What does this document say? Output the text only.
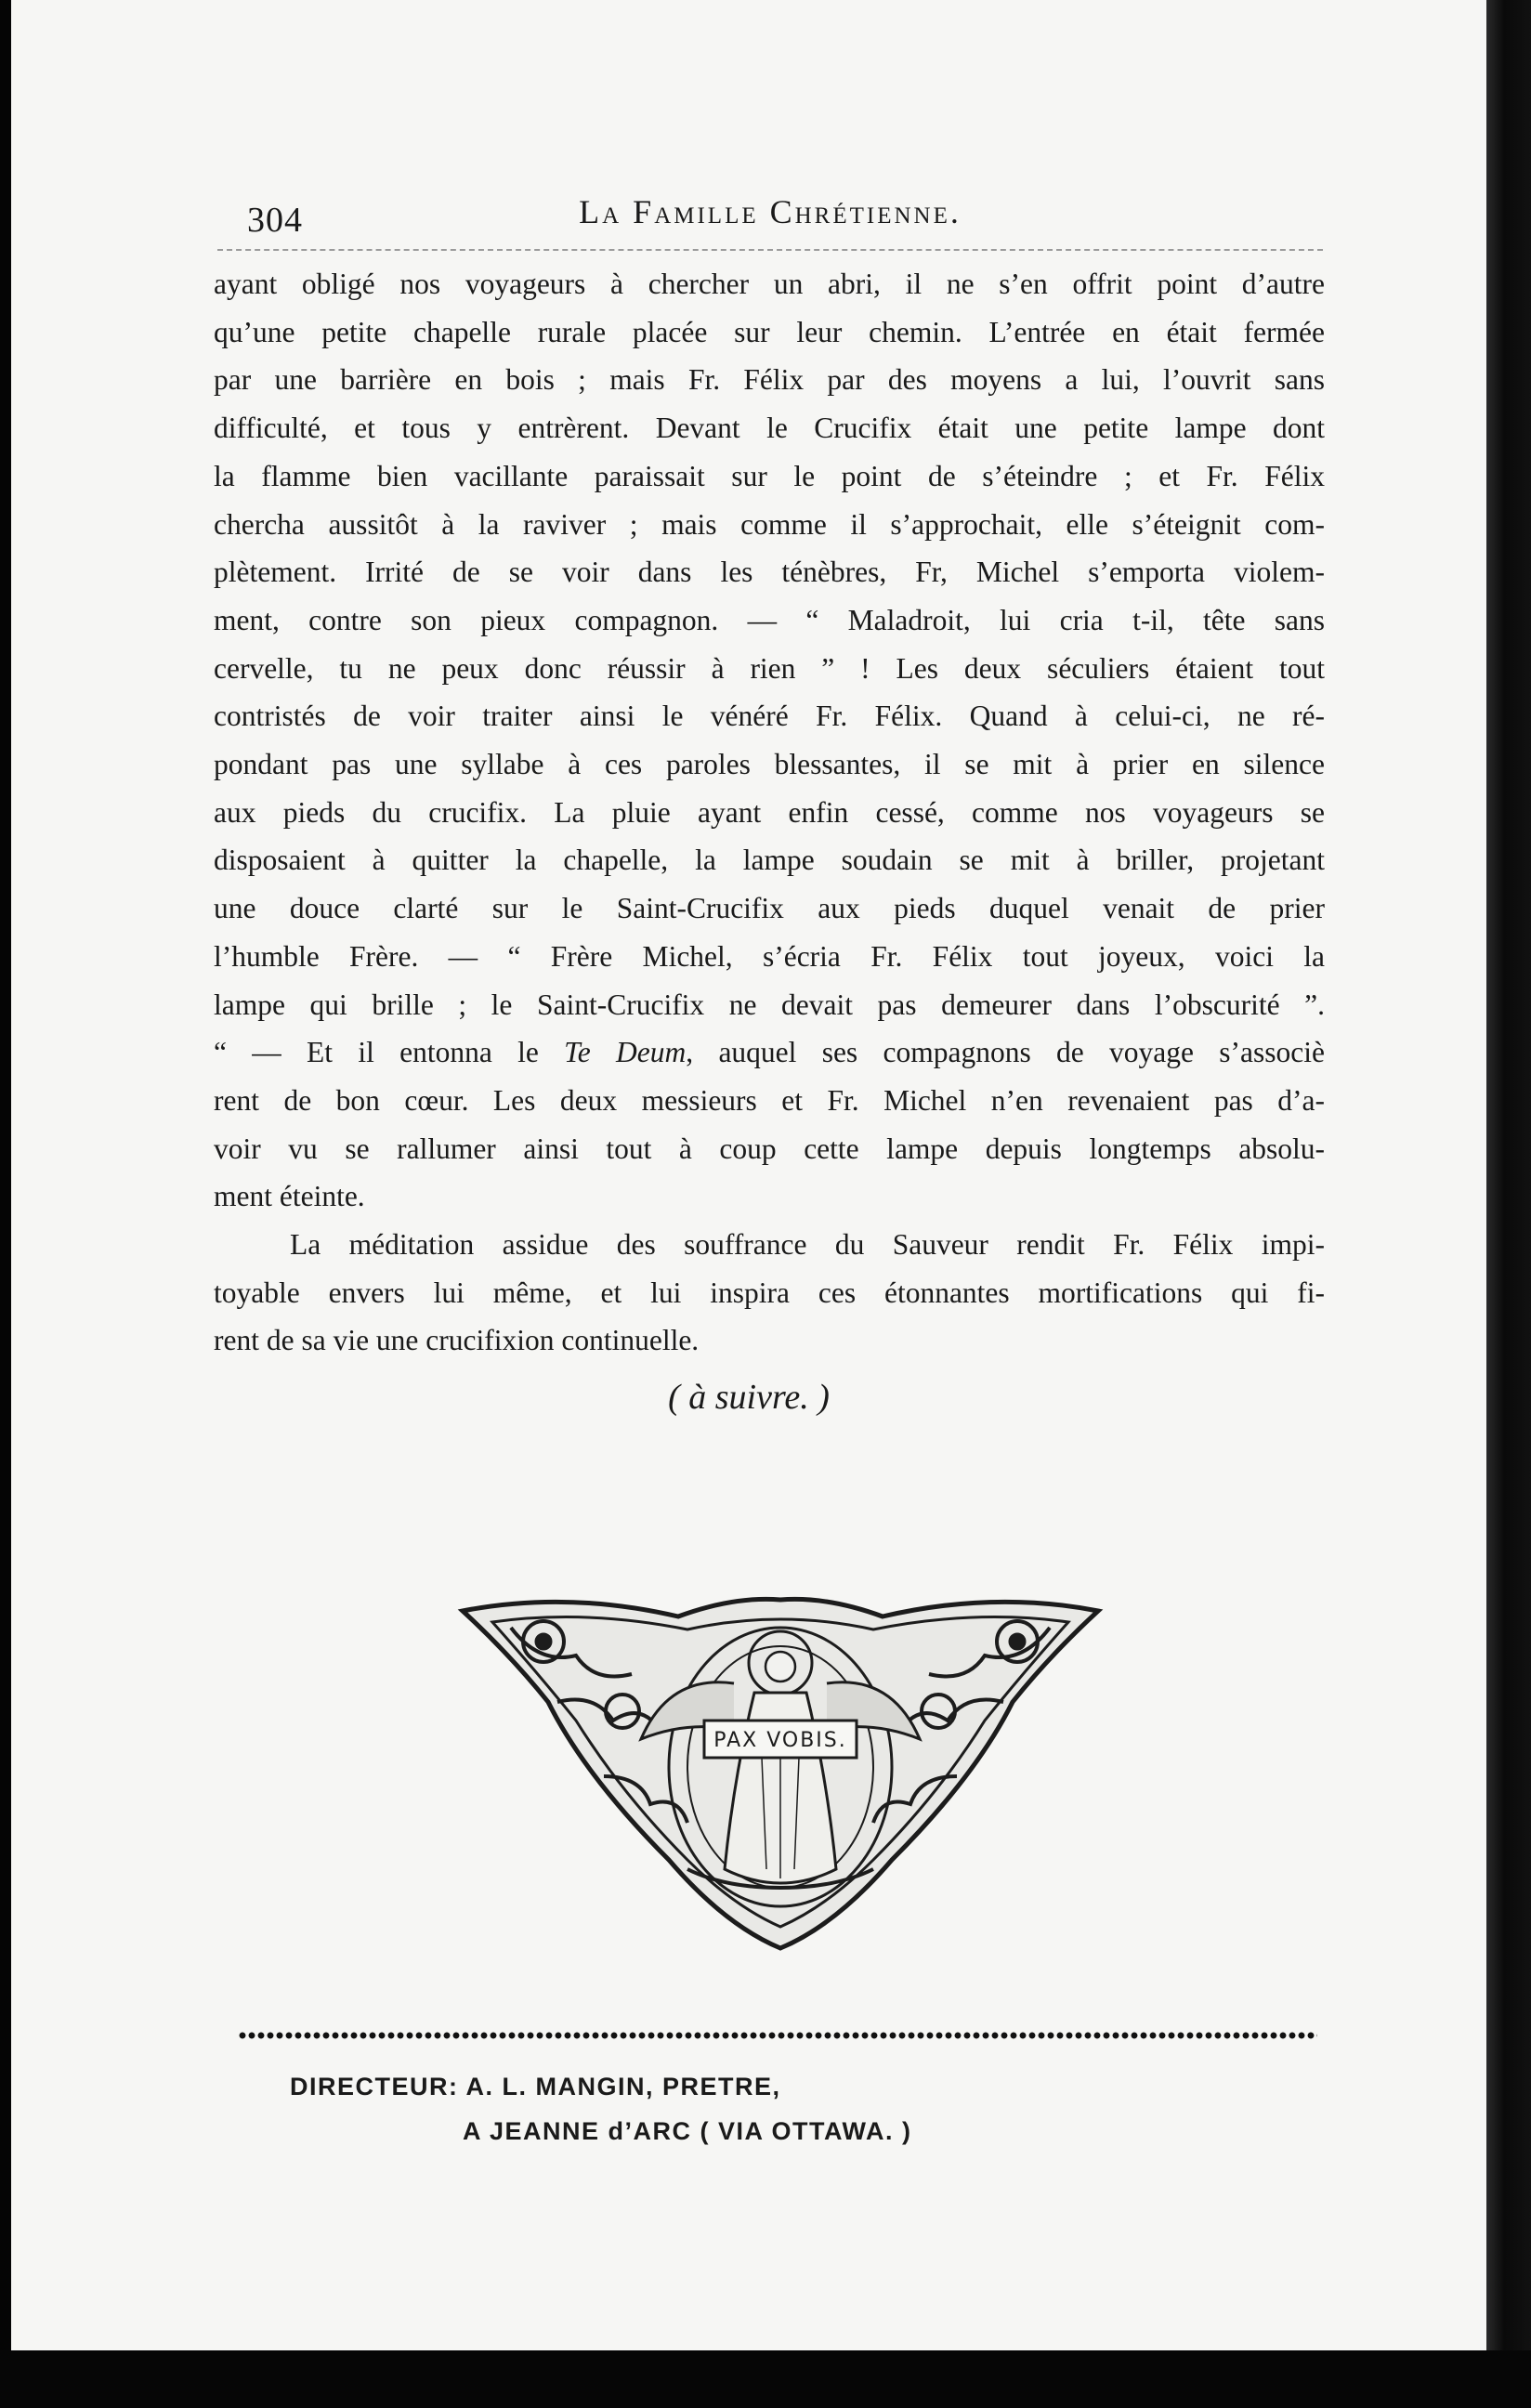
304	La Famille Chrétienne.
ayant obligé nos voyageurs à chercher un abri, il ne s’en offrit point d’autre
qu’une petite chapelle rurale placée sur leur chemin. L’entrée en était fermée
par une barrière en bois ; mais Fr. Félix par des moyens a lui, l’ouvrit sans
difficulté, et tous y entrèrent. Devant le Crucifix était une petite lampe dont
la flamme bien vacillante paraissait sur le point de s’éteindre ; et Fr. Félix
chercha aussitôt à la raviver ; mais comme il s’approchait, elle s’éteignit com-
plètement. Irrité de se voir dans les ténèbres, Fr, Michel s’emporta violem-
ment, contre son pieux compagnon. — “ Maladroit, lui cria t-il, tête sans
cervelle, tu ne peux donc réussir à rien ” ! Les deux séculiers étaient tout
contristés de voir traiter ainsi le vénéré Fr. Félix. Quand à celui-ci, ne ré-
pondant pas une syllabe à ces paroles blessantes, il se mit à prier en silence
aux pieds du crucifix. La pluie ayant enfin cessé, comme nos voyageurs se
disposaient à quitter la chapelle, la lampe soudain se mit à briller, projetant
une douce clarté sur le Saint-Crucifix aux pieds duquel venait de prier
l’humble Frère. — “ Frère Michel, s’écria Fr. Félix tout joyeux, voici la
lampe qui brille ; le Saint-Crucifix ne devait pas demeurer dans l’obscurité ”.
“ — Et il entonna le Te Deum, auquel ses compagnons de voyage s’associè
rent de bon cœur. Les deux messieurs et Fr. Michel n’en revenaient pas d’a-
voir vu se rallumer ainsi tout à coup cette lampe depuis longtemps absolu-
ment éteinte.
La méditation assidue des souffrance du Sauveur rendit Fr. Félix impi-
toyable envers lui même, et lui inspira ces étonnantes mortifications qui fi-
rent de sa vie une crucifixion continuelle.
( à suivre. )
PAX VOBIS.
DIRECTEUR: A. L. MANGIN, PRETRE,
A JEANNE d’ARC ( VIA OTTAWA. )
